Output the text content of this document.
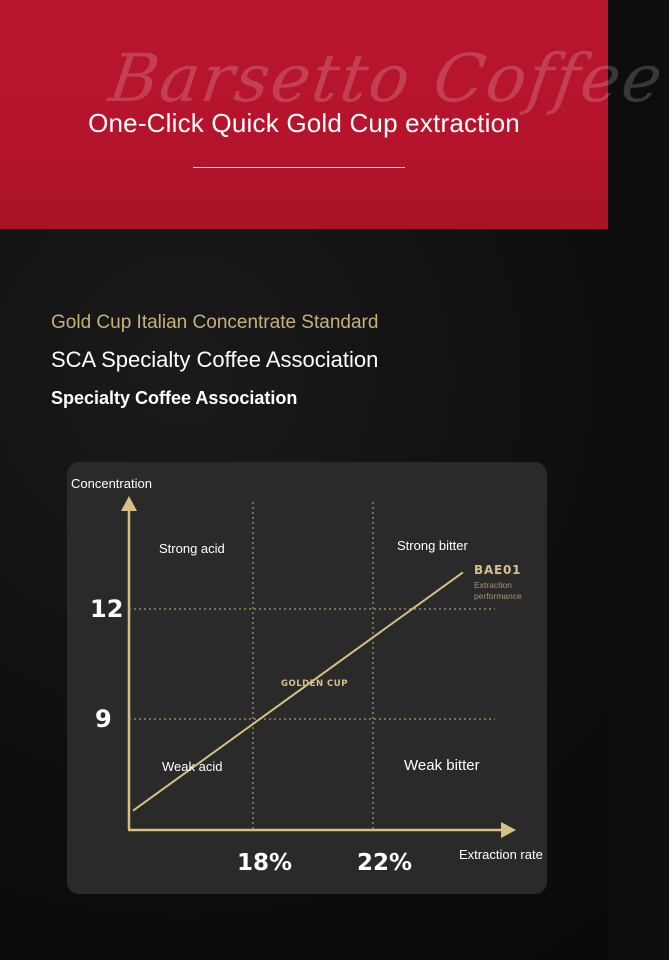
Barsetto Coffee
One-Click Quick Gold Cup extraction
Gold Cup Italian Concentrate Standard
SCA Specialty Coffee Association
Specialty Coffee Association
Concentration
Extraction rate
12
9
18%	22%
Strong acid	Strong bitter
Weak acid	Weak bitter
GOLDEN CUP
BAE01
Extraction
performance
